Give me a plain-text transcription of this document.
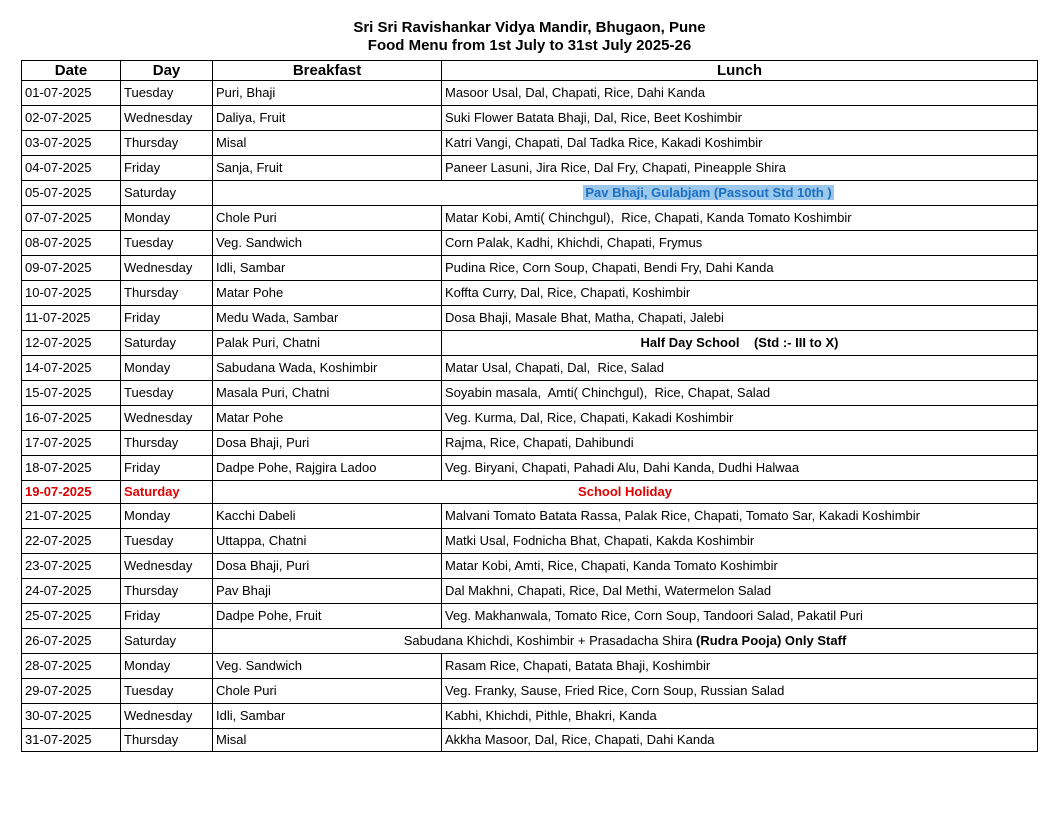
Sri Sri Ravishankar Vidya Mandir, Bhugaon, Pune
Food Menu from 1st July to 31st July 2025-26
Date	Day	Breakfast	Lunch
01-07-2025	Tuesday	Puri, Bhaji	Masoor Usal, Dal, Chapati, Rice, Dahi Kanda
02-07-2025	Wednesday	Daliya, Fruit	Suki Flower Batata Bhaji, Dal, Rice, Beet Koshimbir
03-07-2025	Thursday	Misal	Katri Vangi, Chapati, Dal Tadka Rice, Kakadi Koshimbir
04-07-2025	Friday	Sanja, Fruit	Paneer Lasuni, Jira Rice, Dal Fry, Chapati, Pineapple Shira
05-07-2025	Saturday	Pav Bhaji, Gulabjam (Passout Std 10th )	
07-07-2025	Monday	Chole Puri	Matar Kobi, Amti( Chinchgul),  Rice, Chapati, Kanda Tomato Koshimbir
08-07-2025	Tuesday	Veg. Sandwich	Corn Palak, Kadhi, Khichdi, Chapati, Frymus
09-07-2025	Wednesday	Idli, Sambar	Pudina Rice, Corn Soup, Chapati, Bendi Fry, Dahi Kanda
10-07-2025	Thursday	Matar Pohe	Koffta Curry, Dal, Rice, Chapati, Koshimbir
11-07-2025	Friday	Medu Wada, Sambar	Dosa Bhaji, Masale Bhat, Matha, Chapati, Jalebi
12-07-2025	Saturday	Palak Puri, Chatni	Half Day School    (Std :- III to X)
14-07-2025	Monday	Sabudana Wada, Koshimbir	Matar Usal, Chapati, Dal,  Rice, Salad
15-07-2025	Tuesday	Masala Puri, Chatni	Soyabin masala,  Amti( Chinchgul),  Rice, Chapat, Salad
16-07-2025	Wednesday	Matar Pohe	Veg. Kurma, Dal, Rice, Chapati, Kakadi Koshimbir
17-07-2025	Thursday	Dosa Bhaji, Puri	Rajma, Rice, Chapati, Dahibundi
18-07-2025	Friday	Dadpe Pohe, Rajgira Ladoo	Veg. Biryani, Chapati, Pahadi Alu, Dahi Kanda, Dudhi Halwaa
19-07-2025	Saturday	School Holiday	
21-07-2025	Monday	Kacchi Dabeli	Malvani Tomato Batata Rassa, Palak Rice, Chapati, Tomato Sar, Kakadi Koshimbir
22-07-2025	Tuesday	Uttappa, Chatni	Matki Usal, Fodnicha Bhat, Chapati, Kakda Koshimbir
23-07-2025	Wednesday	Dosa Bhaji, Puri	Matar Kobi, Amti, Rice, Chapati, Kanda Tomato Koshimbir
24-07-2025	Thursday	Pav Bhaji	Dal Makhni, Chapati, Rice, Dal Methi, Watermelon Salad
25-07-2025	Friday	Dadpe Pohe, Fruit	Veg. Makhanwala, Tomato Rice, Corn Soup, Tandoori Salad, Pakatil Puri
26-07-2025	Saturday	Sabudana Khichdi, Koshimbir + Prasadacha Shira (Rudra Pooja) Only Staff	
28-07-2025	Monday	Veg. Sandwich	Rasam Rice, Chapati, Batata Bhaji, Koshimbir
29-07-2025	Tuesday	Chole Puri	Veg. Franky, Sause, Fried Rice, Corn Soup, Russian Salad
30-07-2025	Wednesday	Idli, Sambar	Kabhi, Khichdi, Pithle, Bhakri, Kanda
31-07-2025	Thursday	Misal	Akkha Masoor, Dal, Rice, Chapati, Dahi Kanda
